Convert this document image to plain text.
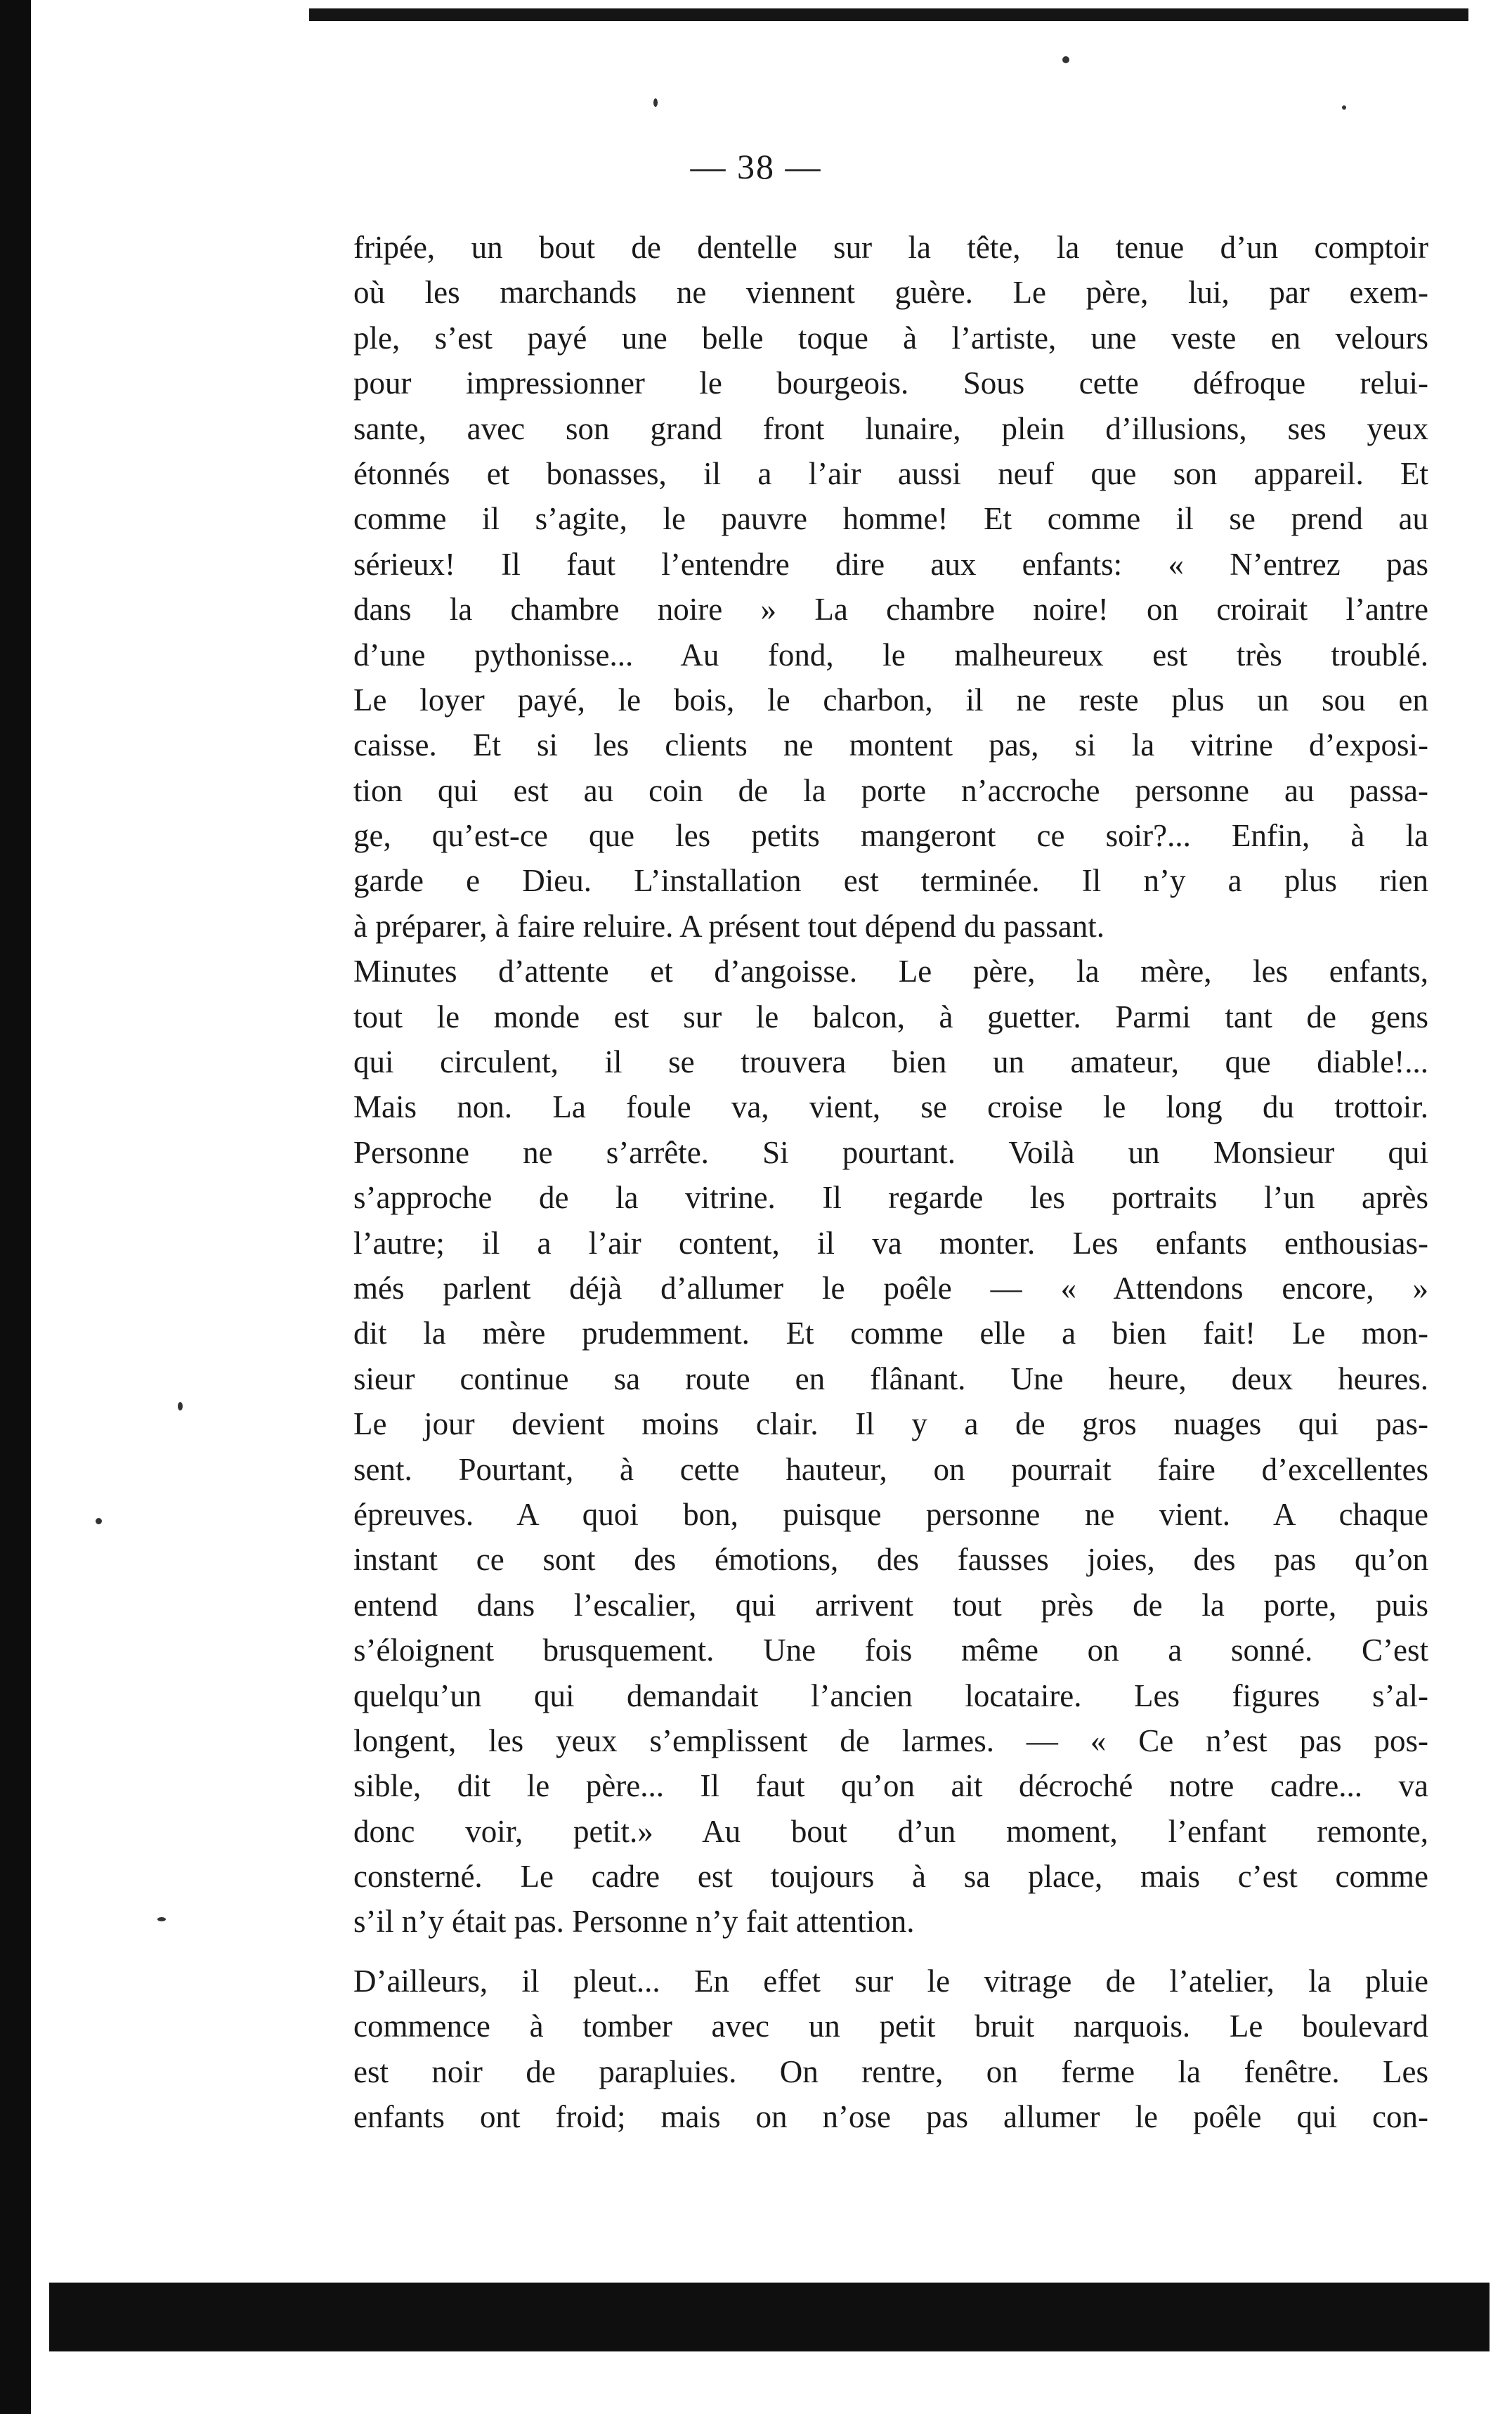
— 38 —
fripée, un bout de dentelle sur la tête, la tenue d’un comptoir
où les marchands ne viennent guère. Le père, lui, par exem-
ple, s’est payé une belle toque à l’artiste, une veste en velours
pour impressionner le bourgeois. Sous cette défroque reluі-
sante, avec son grand front lunaire, plein d’illusions, ses yeux
étonnés et bonasses, il a l’air aussi neuf que son appareil. Et
comme il s’agite, le pauvre homme! Et comme il se prend au
sérieux! Il faut l’entendre dire aux enfants: « N’entrez pas
dans la chambre noire » La chambre noire! on croirait l’antre
d’une pythonisse... Au fond, le malheureux est très troublé.
Le loyer payé, le bois, le charbon, il ne reste plus un sou en
caisse. Et si les clients ne montent pas, si la vitrine d’exposi-
tion qui est au coin de la porte n’accroche personne au passa-
ge, qu’est-ce que les petits mangeront ce soir?... Enfin, à la
garde e Dieu. L’installation est terminée. Il n’y a plus rien
à préparer, à faire reluire. A présent tout dépend du passant.
Minutes d’attente et d’angoisse. Le père, la mère, les enfants,
tout le monde est sur le balcon, à guetter. Parmi tant de gens
qui circulent, il se trouvera bien un amateur, que diable!...
Mais non. La foule va, vient, se croise le long du trottoir.
Personne ne s’arrête. Si pourtant. Voilà un Monsieur qui
s’approche de la vitrine. Il regarde les portraits l’un après
l’autre; il a l’air content, il va monter. Les enfants enthousias-
més parlent déjà d’allumer le poêle — « Attendons encore, »
dit la mère prudemment. Et comme elle a bien fait! Le mon-
sieur continue sa route en flânant. Une heure, deux heures.
Le jour devient moins clair. Il y a de gros nuages qui pas-
sent. Pourtant, à cette hauteur, on pourrait faire d’excellentes
épreuves. A quoi bon, puisque personne ne vient. A chaque
instant ce sont des émotions, des fausses joies, des pas qu’on
entend dans l’escalier, qui arrivent tout près de la porte, puis
s’éloignent brusquement. Une fois même on a sonné. C’est
quelqu’un qui demandait l’ancien locataire. Les figures s’al-
longent, les yeux s’emplissent de larmes. — « Ce n’est pas pos-
sible, dit le père... Il faut qu’on ait décroché notre cadre... va
donc voir, petit.» Au bout d’un moment, l’enfant remonte,
consterné. Le cadre est toujours à sa place, mais c’est comme
s’il n’y était pas. Personne n’y fait attention.
D’ailleurs, il pleut... En effet sur le vitrage de l’atelier, la pluie
commence à tomber avec un petit bruit narquois. Le boulevard
est noir de parapluies. On rentre, on ferme la fenêtre. Les
enfants ont froid; mais on n’ose pas allumer le poêle qui con-
